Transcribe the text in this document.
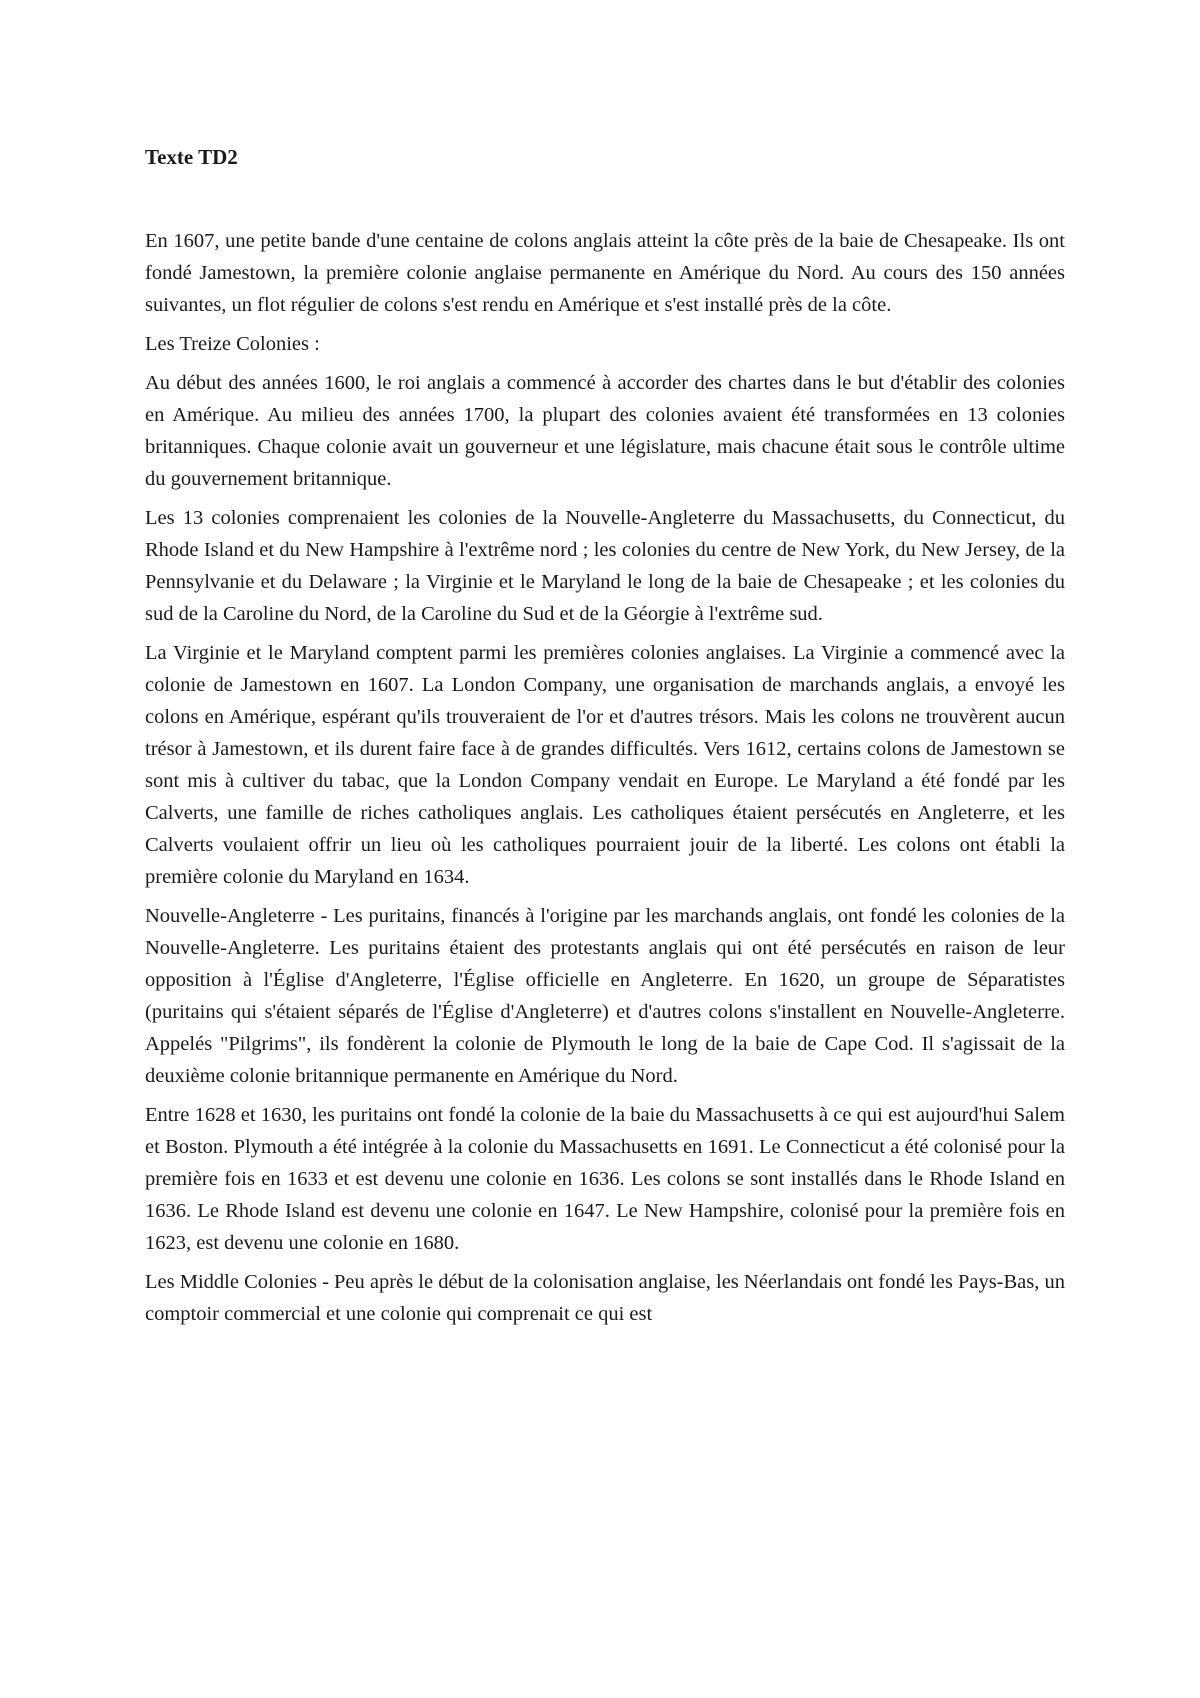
Texte TD2

En 1607, une petite bande d'une centaine de colons anglais atteint la côte près de la baie de Chesapeake. Ils ont fondé Jamestown, la première colonie anglaise permanente en Amérique du Nord. Au cours des 150 années suivantes, un flot régulier de colons s'est rendu en Amérique et s'est installé près de la côte.

Les Treize Colonies :

Au début des années 1600, le roi anglais a commencé à accorder des chartes dans le but d'établir des colonies en Amérique. Au milieu des années 1700, la plupart des colonies avaient été transformées en 13 colonies britanniques. Chaque colonie avait un gouverneur et une législature, mais chacune était sous le contrôle ultime du gouvernement britannique.

Les 13 colonies comprenaient les colonies de la Nouvelle-Angleterre du Massachusetts, du Connecticut, du Rhode Island et du New Hampshire à l'extrême nord ; les colonies du centre de New York, du New Jersey, de la Pennsylvanie et du Delaware ; la Virginie et le Maryland le long de la baie de Chesapeake ; et les colonies du sud de la Caroline du Nord, de la Caroline du Sud et de la Géorgie à l'extrême sud.

La Virginie et le Maryland comptent parmi les premières colonies anglaises. La Virginie a commencé avec la colonie de Jamestown en 1607. La London Company, une organisation de marchands anglais, a envoyé les colons en Amérique, espérant qu'ils trouveraient de l'or et d'autres trésors. Mais les colons ne trouvèrent aucun trésor à Jamestown, et ils durent faire face à de grandes difficultés. Vers 1612, certains colons de Jamestown se sont mis à cultiver du tabac, que la London Company vendait en Europe. Le Maryland a été fondé par les Calverts, une famille de riches catholiques anglais. Les catholiques étaient persécutés en Angleterre, et les Calverts voulaient offrir un lieu où les catholiques pourraient jouir de la liberté. Les colons ont établi la première colonie du Maryland en 1634.

Nouvelle-Angleterre - Les puritains, financés à l'origine par les marchands anglais, ont fondé les colonies de la Nouvelle-Angleterre. Les puritains étaient des protestants anglais qui ont été persécutés en raison de leur opposition à l'Église d'Angleterre, l'Église officielle en Angleterre. En 1620, un groupe de Séparatistes (puritains qui s'étaient séparés de l'Église d'Angleterre) et d'autres colons s'installent en Nouvelle-Angleterre. Appelés "Pilgrims", ils fondèrent la colonie de Plymouth le long de la baie de Cape Cod. Il s'agissait de la deuxième colonie britannique permanente en Amérique du Nord.

Entre 1628 et 1630, les puritains ont fondé la colonie de la baie du Massachusetts à ce qui est aujourd'hui Salem et Boston. Plymouth a été intégrée à la colonie du Massachusetts en 1691. Le Connecticut a été colonisé pour la première fois en 1633 et est devenu une colonie en 1636. Les colons se sont installés dans le Rhode Island en 1636. Le Rhode Island est devenu une colonie en 1647. Le New Hampshire, colonisé pour la première fois en 1623, est devenu une colonie en 1680.

Les Middle Colonies - Peu après le début de la colonisation anglaise, les Néerlandais ont fondé les Pays-Bas, un comptoir commercial et une colonie qui comprenait ce qui est
